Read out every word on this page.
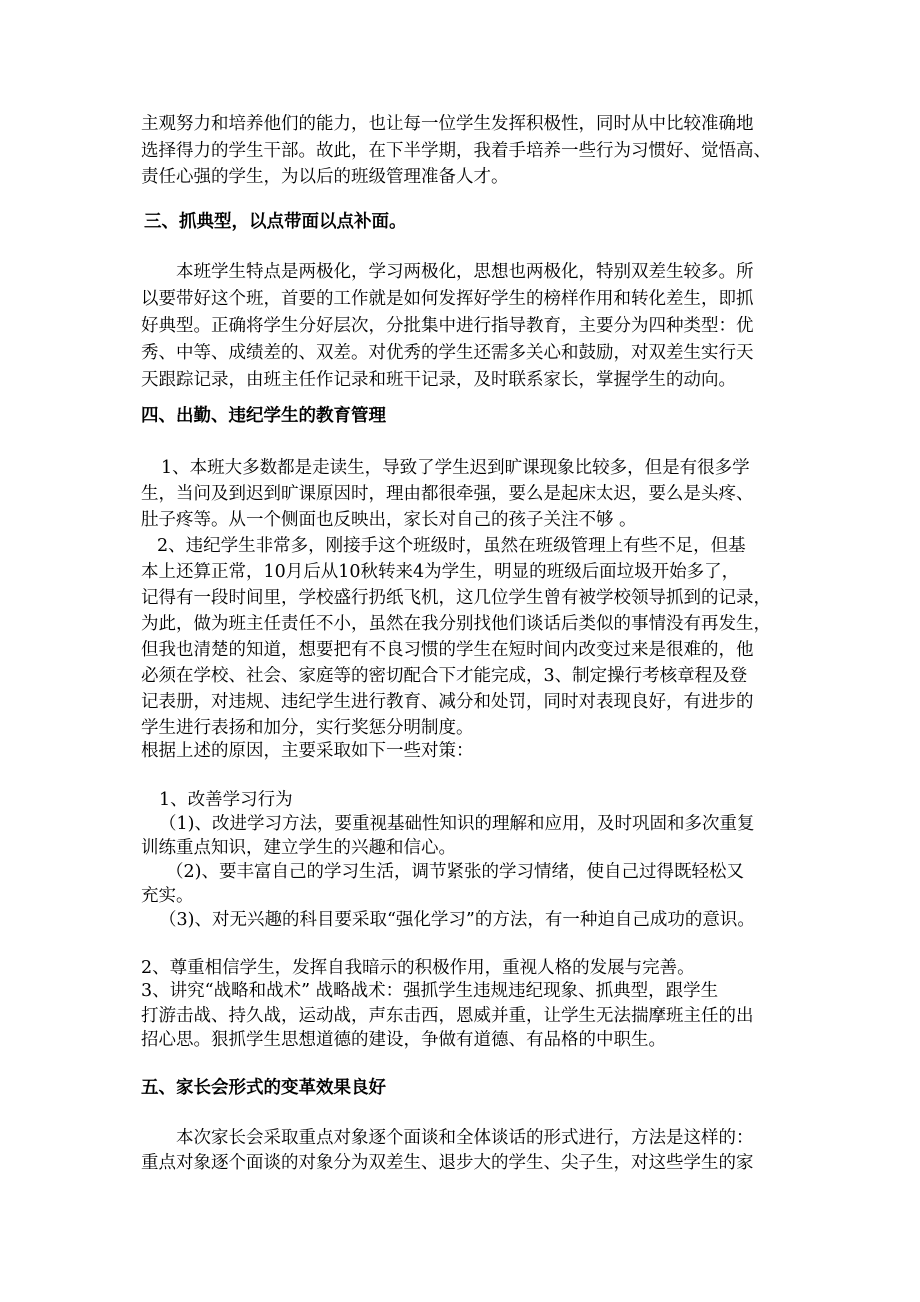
主观努力和培养他们的能力，也让每一位学生发挥积极性，同时从中比较准确地
选择得力的学生干部。故此，在下半学期，我着手培养一些行为习惯好、觉悟高、
责任心强的学生，为以后的班级管理准备人才。
三、抓典型，以点带面以点补面。
本班学生特点是两极化，学习两极化，思想也两极化，特别双差生较多。所
以要带好这个班，首要的工作就是如何发挥好学生的榜样作用和转化差生，即抓
好典型。正确将学生分好层次，分批集中进行指导教育，主要分为四种类型：优
秀、中等、成绩差的、双差。对优秀的学生还需多关心和鼓励，对双差生实行天
天跟踪记录，由班主任作记录和班干记录，及时联系家长，掌握学生的动向。
四、出勤、违纪学生的教育管理
1、本班大多数都是走读生，导致了学生迟到旷课现象比较多，但是有很多学
生，当问及到迟到旷课原因时，理由都很牵强，要么是起床太迟，要么是头疼、
肚子疼等。从一个侧面也反映出，家长对自己的孩子关注不够 。
2、违纪学生非常多，刚接手这个班级时，虽然在班级管理上有些不足，但基
本上还算正常，10月后从10秋转来4为学生，明显的班级后面垃圾开始多了，
记得有一段时间里，学校盛行扔纸飞机，这几位学生曾有被学校领导抓到的记录，
为此，做为班主任责任不小，虽然在我分别找他们谈话后类似的事情没有再发生，
但我也清楚的知道，想要把有不良习惯的学生在短时间内改变过来是很难的，他
必须在学校、社会、家庭等的密切配合下才能完成，3、制定操行考核章程及登
记表册，对违规、违纪学生进行教育、减分和处罚，同时对表现良好，有进步的
学生进行表扬和加分，实行奖惩分明制度。
根据上述的原因，主要采取如下一些对策：
1、改善学习行为
（1)、改进学习方法，要重视基础性知识的理解和应用，及时巩固和多次重复
训练重点知识，建立学生的兴趣和信心。
（2)、要丰富自己的学习生活，调节紧张的学习情绪，使自己过得既轻松又
充实。
（3)、对无兴趣的科目要采取“强化学习”的方法，有一种迫自己成功的意识。
2、尊重相信学生，发挥自我暗示的积极作用，重视人格的发展与完善。
3、讲究“战略和战术” 战略战术：强抓学生违规违纪现象、抓典型，跟学生
打游击战、持久战，运动战，声东击西，恩威并重，让学生无法揣摩班主任的出
招心思。狠抓学生思想道德的建设，争做有道德、有品格的中职生。
五、家长会形式的变革效果良好
本次家长会采取重点对象逐个面谈和全体谈话的形式进行，方法是这样的：
重点对象逐个面谈的对象分为双差生、退步大的学生、尖子生，对这些学生的家
